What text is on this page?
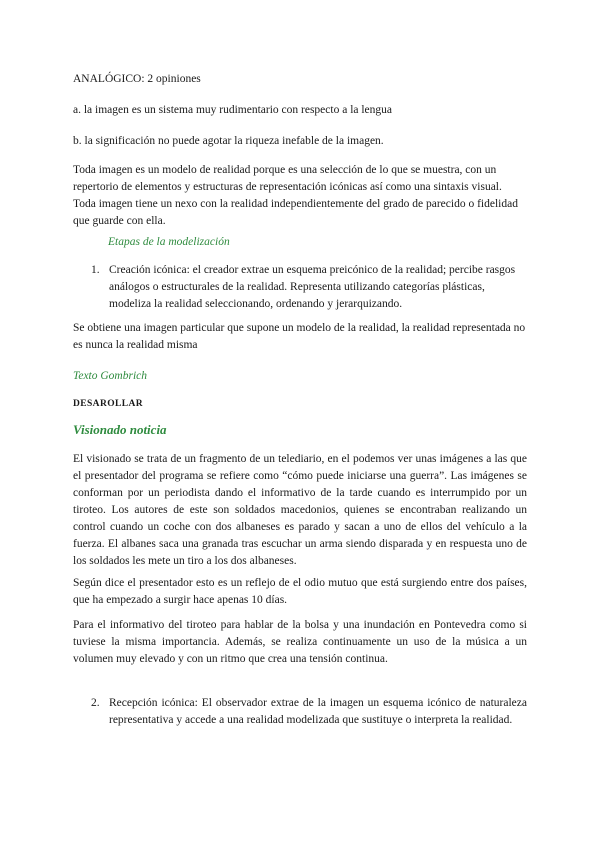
ANALÓGICO: 2 opiniones

a. la imagen es un sistema muy rudimentario con respecto a la lengua

b. la significación no puede agotar la riqueza inefable de la imagen.

Toda imagen es un modelo de realidad porque es una selección de lo que se muestra, con un repertorio de elementos y estructuras de representación icónicas así como una sintaxis visual. Toda imagen tiene un nexo con la realidad independientemente del grado de parecido o fidelidad que guarde con ella.

Etapas de la modelización

1. Creación icónica: el creador extrae un esquema preicónico de la realidad; percibe rasgos análogos o estructurales de la realidad. Representa utilizando categorías plásticas, modeliza la realidad seleccionando, ordenando y jerarquizando.

Se obtiene una imagen particular que supone un modelo de la realidad, la realidad representada no es nunca la realidad misma

Texto Gombrich

DESAROLLAR

Visionado noticia

El visionado se trata de un fragmento de un telediario, en el podemos ver unas imágenes a las que el presentador del programa se refiere como “cómo puede iniciarse una guerra”. Las imágenes se conforman por un periodista dando el informativo de la tarde cuando es interrumpido por un tiroteo. Los autores de este son soldados macedonios, quienes se encontraban realizando un control cuando un coche con dos albaneses es parado y sacan a uno de ellos del vehículo a la fuerza. El albanes saca una granada tras escuchar un arma siendo disparada y en respuesta uno de los soldados les mete un tiro a los dos albaneses.

Según dice el presentador esto es un reflejo de el odio mutuo que está surgiendo entre dos países, que ha empezado a surgir hace apenas 10 días.

Para el informativo del tiroteo para hablar de la bolsa y una inundación en Pontevedra como si tuviese la misma importancia. Además, se realiza continuamente un uso de la música a un volumen muy elevado y con un ritmo que crea una tensión continua.

2. Recepción icónica: El observador extrae de la imagen un esquema icónico de naturaleza representativa y accede a una realidad modelizada que sustituye o interpreta la realidad.
